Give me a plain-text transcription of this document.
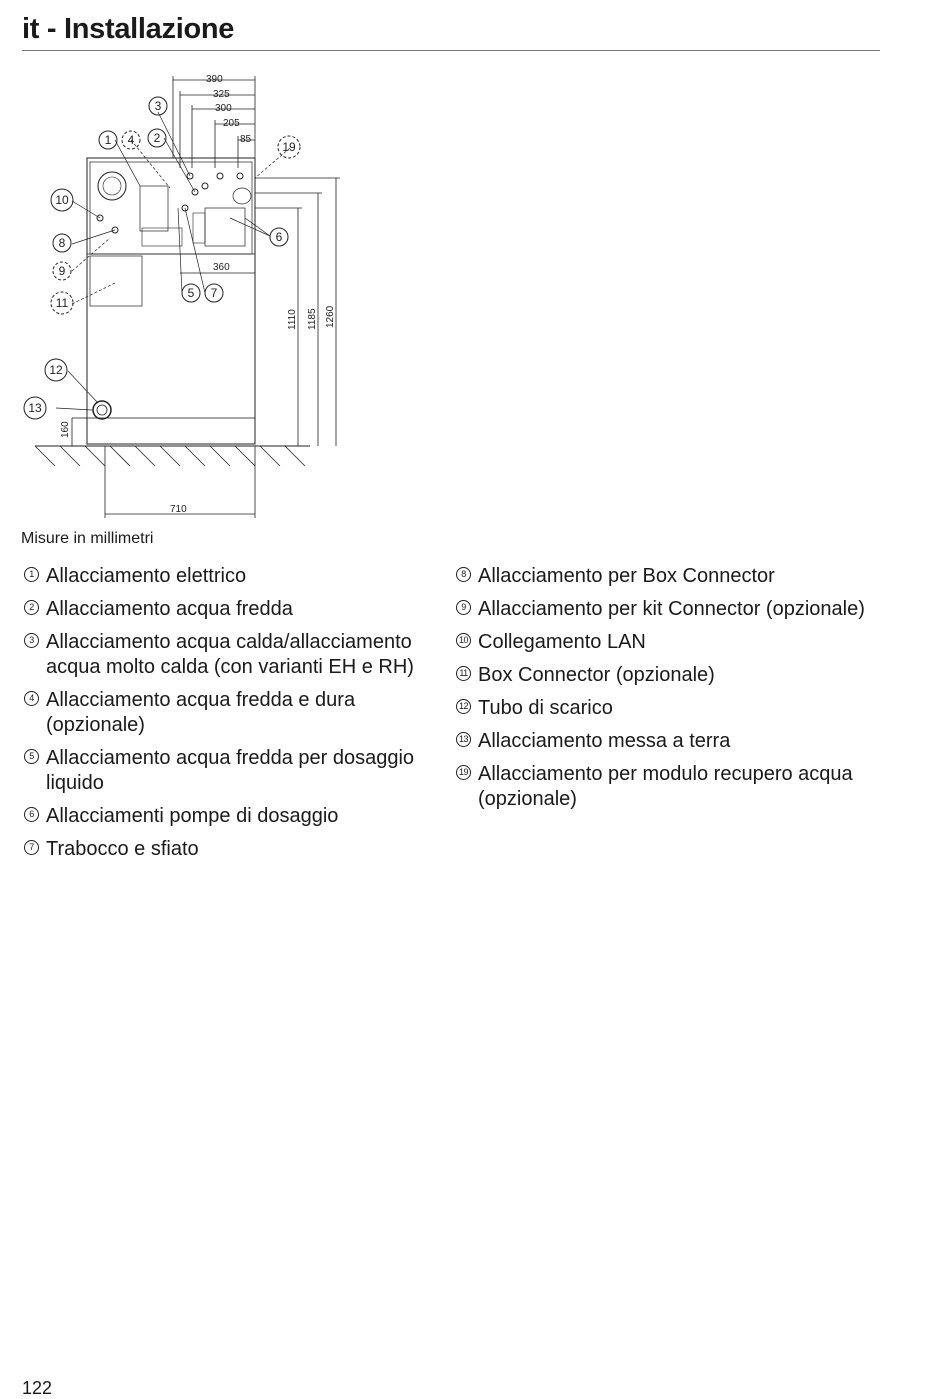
it - Installazione
390
325
300
205
85
360
1110 1185 1260
160
710
3
1 4 2
19
10
8
9
6
5 7
11
12
13
Misure in millimetri
1 Allacciamento elettrico
2 Allacciamento acqua fredda
3 Allacciamento acqua calda/allacciamento acqua molto calda (con varianti EH e RH)
4 Allacciamento acqua fredda e dura (opzionale)
5 Allacciamento acqua fredda per dosaggio liquido
6 Allacciamenti pompe di dosaggio
7 Trabocco e sfiato
8 Allacciamento per Box Connector
9 Allacciamento per kit Connector (opzionale)
10 Collegamento LAN
11 Box Connector (opzionale)
12 Tubo di scarico
13 Allacciamento messa a terra
19 Allacciamento per modulo recupero acqua (opzionale)
122
